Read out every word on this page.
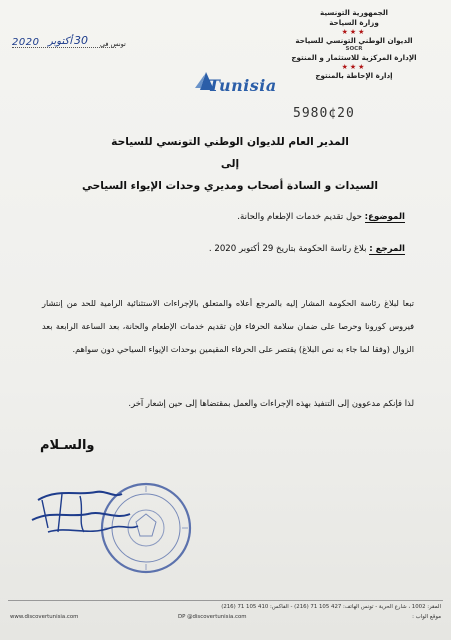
الجمهورية التونسية
وزارة السياحة
★★★
الديوان الوطني التونسي للسياحة
SOCR
الإدارة المركزية للاستثمار و المنتوج
★★★
إدارة الإحاطة بالمنتوج
2020 أكتوبر 30 تونس في
Tunisia
5980¢20
المدير العام للديوان الوطني التونسي للسياحة
إلى
السيدات و السادة أصحاب ومديري وحدات الإيواء السياحي
الموضوع: حول تقديم خدمات الإطعام والحانة.
المرجع : بلاغ رئاسة الحكومة بتاريخ 29 أكتوبر 2020 .

تبعا لبلاغ رئاسة الحكومة المشار إليه بالمرجع أعلاه والمتعلق بالإجراءات الاستثنائية الرامية للحد من إنتشار فيروس كورونا وحرصا على ضمان سلامة الحرفاء فإن تقديم خدمات الإطعام والحانة، بعد الساعة الرابعة بعد الزوال (وفقا لما جاء به نص البلاغ) يقتصر على الحرفاء المقيمين بوحدات الإيواء السياحي دون سواهم.

لذا فإنكم مدعوون إلى التنفيذ بهذه الإجراءات والعمل بمقتضاها إلى حين إشعار آخر.
والسـلام
المقر: 1002 ، شارع الحرية - تونس الهاتف: 427 105 71 (216) - الفاكس: 410 105 71 (216)
www.discovertunisia.com	DP @discovertunisia.com	موقع الواب :
